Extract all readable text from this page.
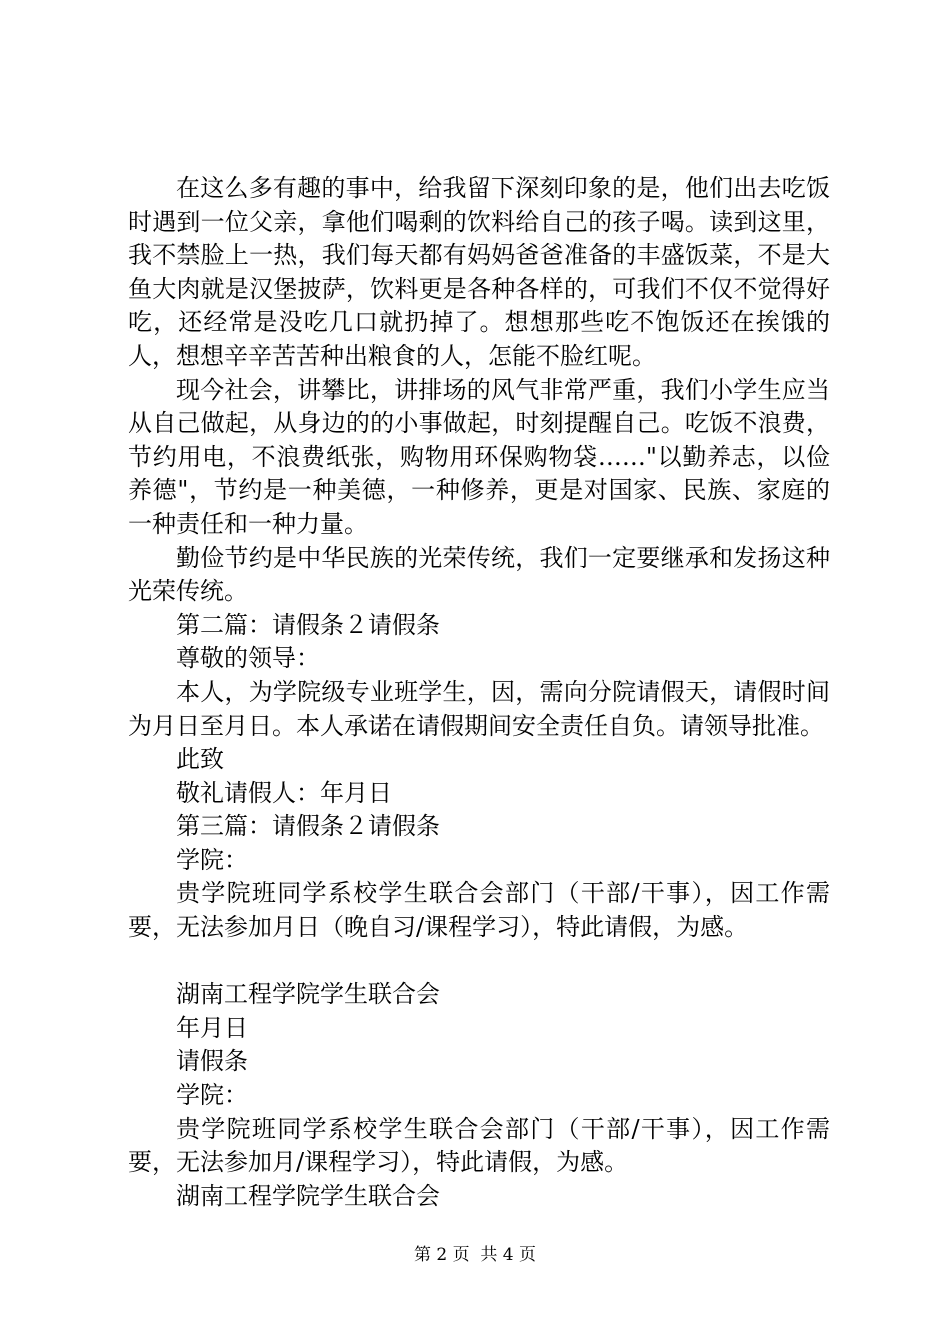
在这么多有趣的事中，给我留下深刻印象的是，他们出去吃饭时遇到一位父亲，拿他们喝剩的饮料给自己的孩子喝。读到这里，我不禁脸上一热，我们每天都有妈妈爸爸准备的丰盛饭菜，不是大鱼大肉就是汉堡披萨，饮料更是各种各样的，可我们不仅不觉得好吃，还经常是没吃几口就扔掉了。想想那些吃不饱饭还在挨饿的人，想想辛辛苦苦种出粮食的人，怎能不脸红呢。

现今社会，讲攀比，讲排场的风气非常严重，我们小学生应当从自己做起，从身边的的小事做起，时刻提醒自己。吃饭不浪费，节约用电，不浪费纸张，购物用环保购物袋……"以勤养志，以俭养德"，节约是一种美德，一种修养，更是对国家、民族、家庭的一种责任和一种力量。

勤俭节约是中华民族的光荣传统，我们一定要继承和发扬这种光荣传统。

第二篇：请假条２请假条

尊敬的领导：

本人，为学院级专业班学生，因，需向分院请假天，请假时间为月日至月日。本人承诺在请假期间安全责任自负。请领导批准。

此致

敬礼请假人：年月日

第三篇：请假条２请假条

学院：

贵学院班同学系校学生联合会部门（干部/干事），因工作需要，无法参加月日（晚自习/课程学习），特此请假，为感。

湖南工程学院学生联合会

年月日

请假条

学院：

贵学院班同学系校学生联合会部门（干部/干事），因工作需要，无法参加月/课程学习），特此请假，为感。

湖南工程学院学生联合会

第 2 页  共 4 页
